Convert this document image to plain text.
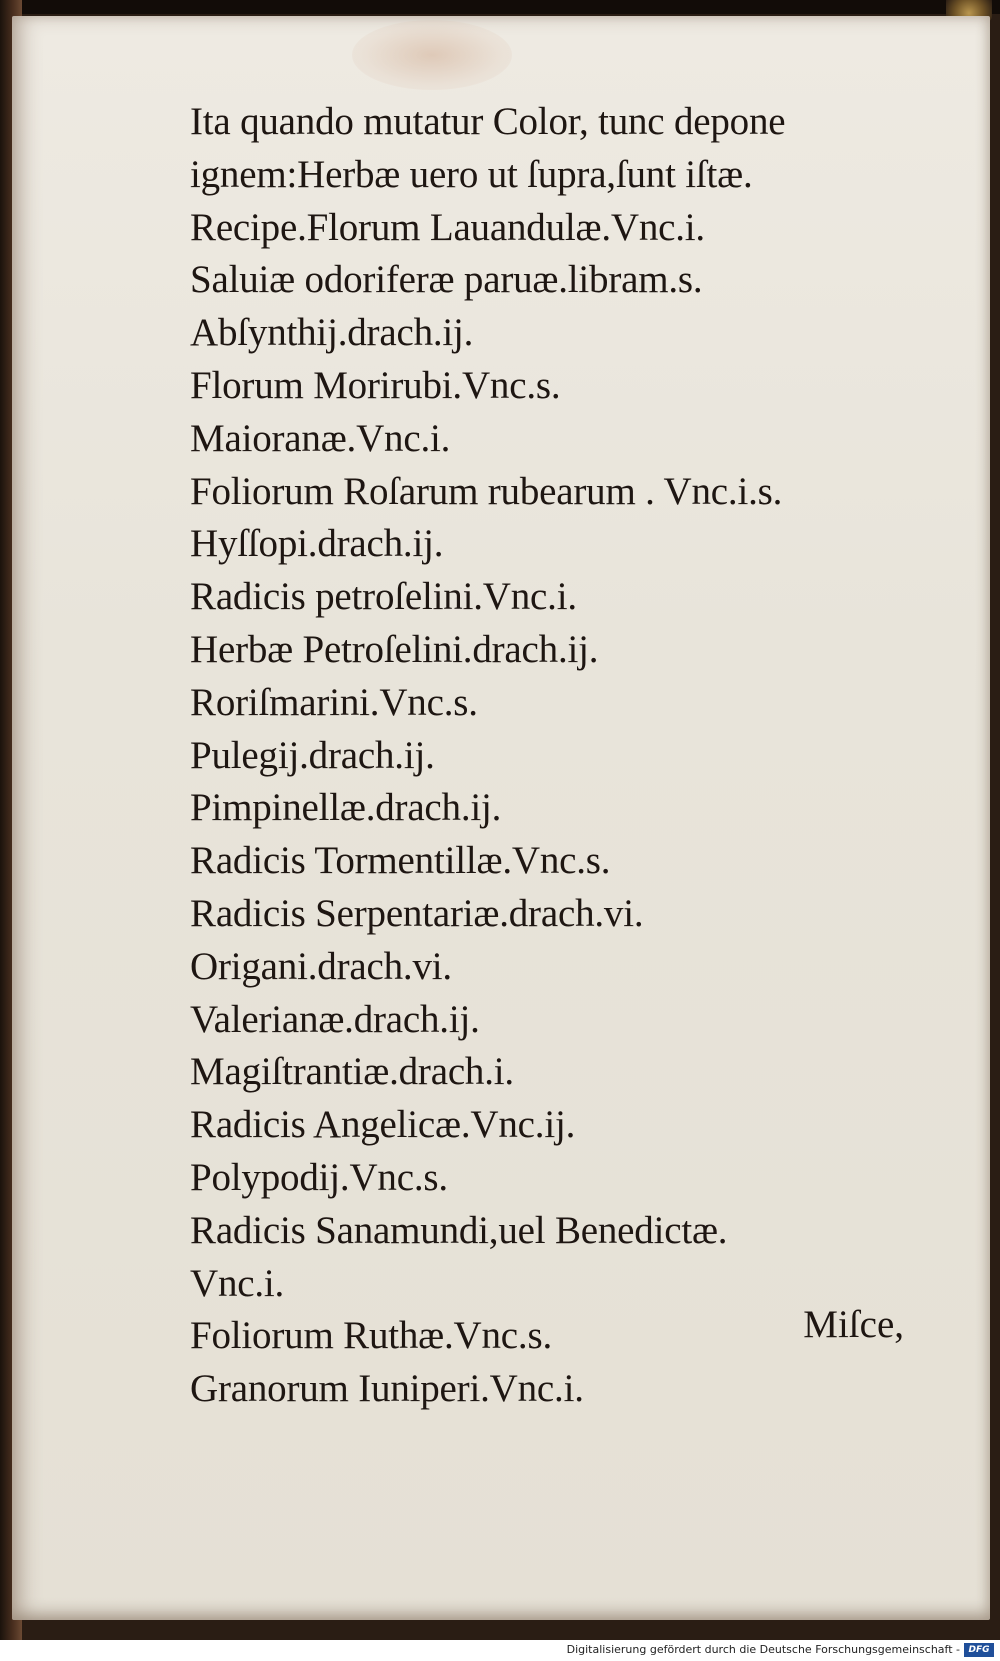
Ita quando mutatur Color, tunc depone
ignem:Herbæ uero ut ſupra,ſunt iſtæ.
Recipe.Florum Lauandulæ.Vnc.i.
Saluiæ odoriferæ paruæ.libram.s.
Abſynthij.drach.ij.
Florum Morirubi.Vnc.s.
Maioranæ.Vnc.i.
Foliorum Roſarum rubearum . Vnc.i.s.
Hyſſopi.drach.ij.
Radicis petroſelini.Vnc.i.
Herbæ Petroſelini.drach.ij.
Roriſmarini.Vnc.s.
Pulegij.drach.ij.
Pimpinellæ.drach.ij.
Radicis Tormentillæ.Vnc.s.
Radicis Serpentariæ.drach.vi.
Origani.drach.vi.
Valerianæ.drach.ij.
Magiſtrantiæ.drach.i.
Radicis Angelicæ.Vnc.ij.
Polypodij.Vnc.s.
Radicis Sanamundi,uel Benedictæ.
Vnc.i.
Foliorum Ruthæ.Vnc.s.
Granorum Iuniperi.Vnc.i.
Miſce,
Digitalisierung gefördert durch die Deutsche Forschungsgemeinschaft - DFG
